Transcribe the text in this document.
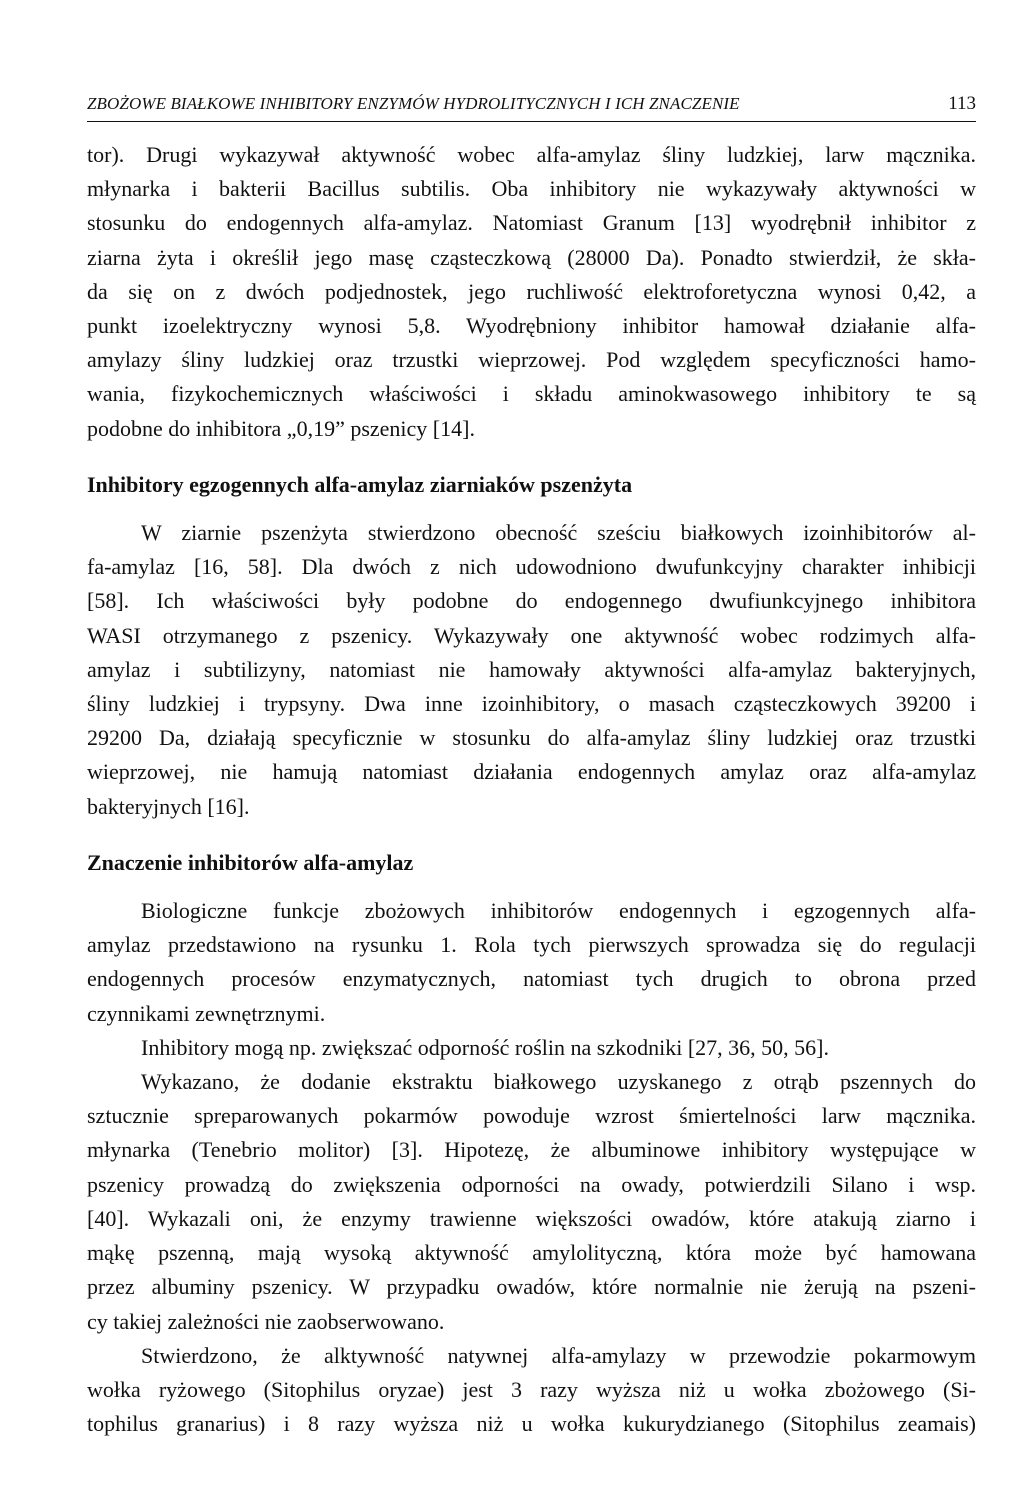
ZBOŻOWE BIAŁKOWE INHIBITORY ENZYMÓW HYDROLITYCZNYCH I ICH ZNACZENIE	113
tor). Drugi wykazywał aktywność wobec alfa-amylaz śliny ludzkiej, larw mącznika.
młynarka i bakterii Bacillus subtilis. Oba inhibitory nie wykazywały aktywności w
stosunku do endogennych alfa-amylaz. Natomiast Granum [13] wyodrębnił inhibitor z
ziarna żyta i określił jego masę cząsteczkową (28000 Da). Ponadto stwierdził, że skła-
da się on z dwóch podjednostek, jego ruchliwość elektroforetyczna wynosi 0,42, a
punkt izoelektryczny wynosi 5,8. Wyodrębniony inhibitor hamował działanie alfa-
amylazy śliny ludzkiej oraz trzustki wieprzowej. Pod względem specyficzności hamo-
wania, fizykochemicznych właściwości i składu aminokwasowego inhibitory te są
podobne do inhibitora „0,19” pszenicy [14].
Inhibitory egzogennych alfa-amylaz ziarniaków pszenżyta
W ziarnie pszenżyta stwierdzono obecność sześciu białkowych izoinhibitorów al-
fa-amylaz [16, 58]. Dla dwóch z nich udowodniono dwufunkcyjny charakter inhibicji
[58]. Ich właściwości były podobne do endogennego dwufiunkcyjnego inhibitora
WASI otrzymanego z pszenicy. Wykazywały one aktywność wobec rodzimych alfa-
amylaz i subtilizyny, natomiast nie hamowały aktywności alfa-amylaz bakteryjnych,
śliny ludzkiej i trypsyny. Dwa inne izoinhibitory, o masach cząsteczkowych 39200 i
29200 Da, działają specyficznie w stosunku do alfa-amylaz śliny ludzkiej oraz trzustki
wieprzowej, nie hamują natomiast działania endogennych amylaz oraz alfa-amylaz
bakteryjnych [16].
Znaczenie inhibitorów alfa-amylaz
Biologiczne funkcje zbożowych inhibitorów endogennych i egzogennych alfa-
amylaz przedstawiono na rysunku 1. Rola tych pierwszych sprowadza się do regulacji
endogennych procesów enzymatycznych, natomiast tych drugich to obrona przed
czynnikami zewnętrznymi.
Inhibitory mogą np. zwiększać odporność roślin na szkodniki [27, 36, 50, 56].
Wykazano, że dodanie ekstraktu białkowego uzyskanego z otrąb pszennych do
sztucznie spreparowanych pokarmów powoduje wzrost śmiertelności larw mącznika.
młynarka (Tenebrio molitor) [3]. Hipotezę, że albuminowe inhibitory występujące w
pszenicy prowadzą do zwiększenia odporności na owady, potwierdzili Silano i wsp.
[40]. Wykazali oni, że enzymy trawienne większości owadów, które atakują ziarno i
mąkę pszenną, mają wysoką aktywność amylolityczną, która może być hamowana
przez albuminy pszenicy. W przypadku owadów, które normalnie nie żerują na pszeni-
cy takiej zależności nie zaobserwowano.
Stwierdzono, że alktywność natywnej alfa-amylazy w przewodzie pokarmowym
wołka ryżowego (Sitophilus oryzae) jest 3 razy wyższa niż u wołka zbożowego (Si-
tophilus granarius) i 8 razy wyższa niż u wołka kukurydzianego (Sitophilus zeamais)
